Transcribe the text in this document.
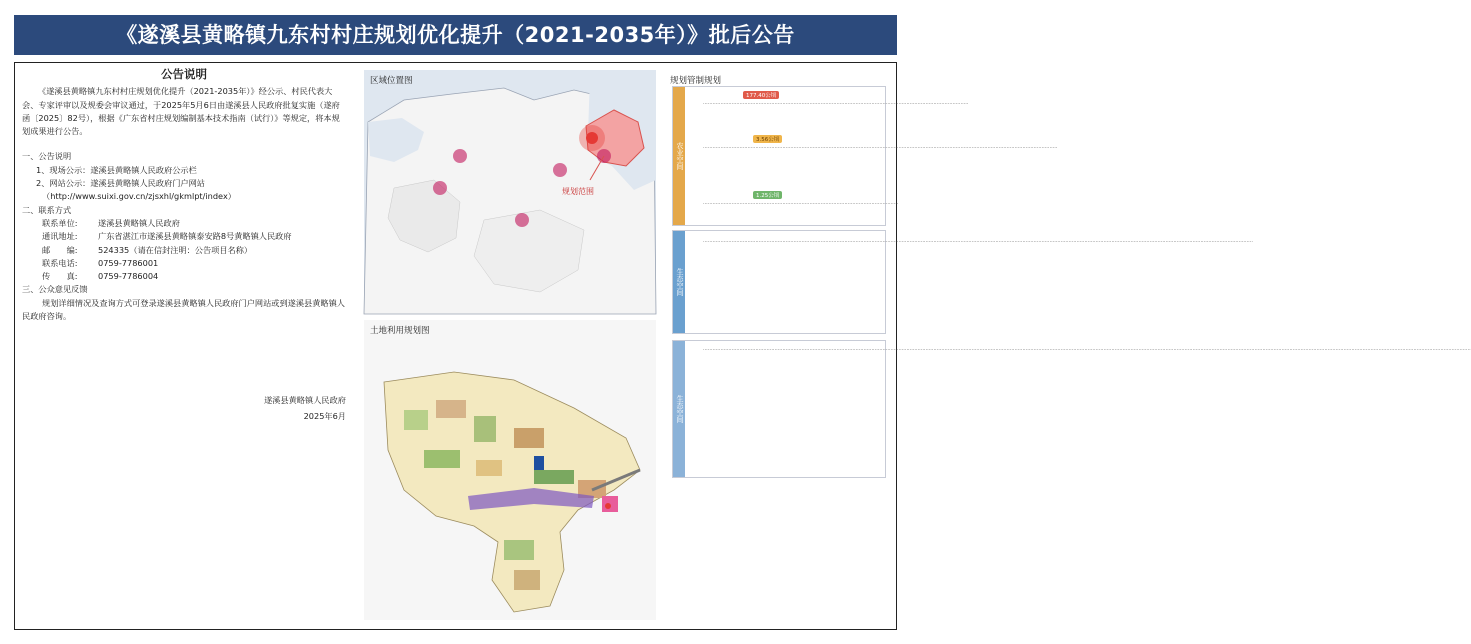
《遂溪县黄略镇九东村村庄规划优化提升（2021-2035年）》批后公告
公告说明
《遂溪县黄略镇九东村村庄规划优化提升（2021-2035年）》经公示、村民代表大会、专家评审以及规委会审议通过，于2025年5月6日由遂溪县人民政府批复实施（遂府函〔2025〕82号），根据《广东省村庄规划编制基本技术指南（试行）》等规定，将本规划成果进行公告。
一、公告说明
1、现场公示：遂溪县黄略镇人民政府公示栏
2、网站公示：遂溪县黄略镇人民政府门户网站
（http://www.suixi.gov.cn/zjsxhl/gkmlpt/index）
二、联系方式
联系单位: 遂溪县黄略镇人民政府
通讯地址: 广东省湛江市遂溪县黄略镇泰安路8号黄略镇人民政府
邮　　编: 524335（请在信封注明：公告项目名称）
联系电话: 0759-7786001
传　　真: 0759-7786004
三、公众意见反馈
规划详细情况及查询方式可登录遂溪县黄略镇人民政府门户网站或到遂溪县黄略镇人民政府咨询。
遂溪县黄略镇人民政府
2025年6月
规划范围
区域位置图
土地利用规划图
规划管制规划
农业空间
177.40公顷
·······································································································································································
3.56公顷
·······························································································································································································································
1.25公顷
···························································································································
生态空间
··························································································································································································································································································································································
生态空间
···································································································································································································································································································································································································································································································
